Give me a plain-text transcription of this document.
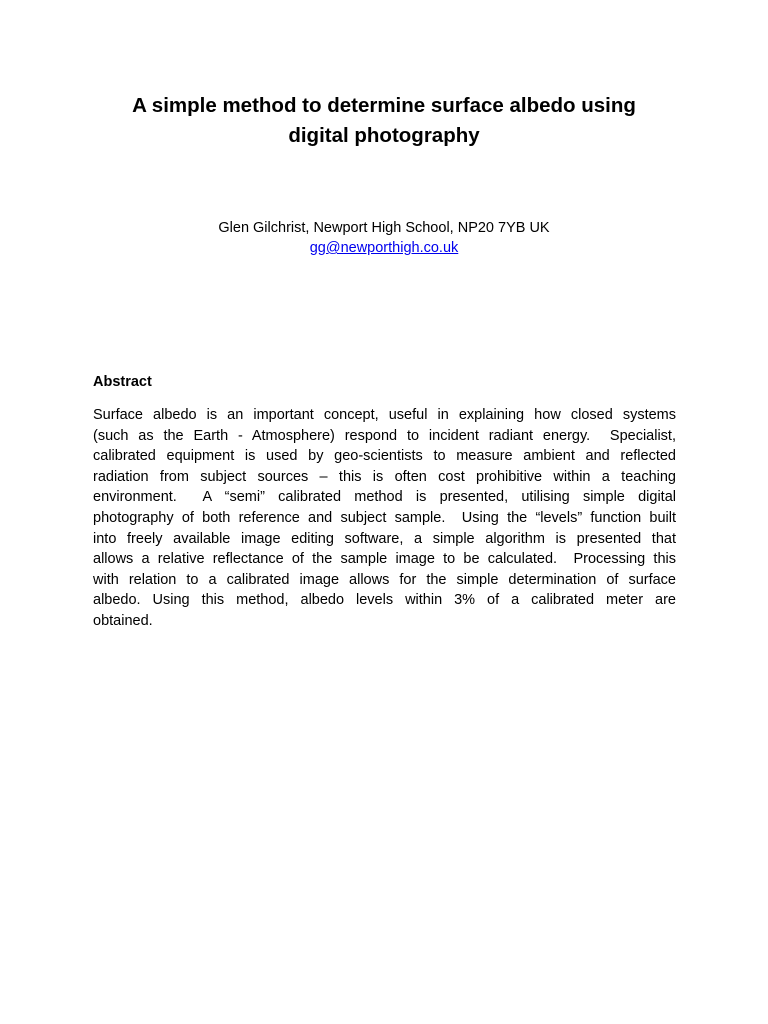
A simple method to determine surface albedo using
digital photography
Glen Gilchrist, Newport High School, NP20 7YB UK
gg@newporthigh.co.uk
Abstract
Surface albedo is an important concept, useful in explaining how closed systems
(such as the Earth - Atmosphere) respond to incident radiant energy.  Specialist,
calibrated equipment is used by geo-scientists to measure ambient and reflected
radiation from subject sources – this is often cost prohibitive within a teaching
environment.  A “semi” calibrated method is presented, utilising simple digital
photography of both reference and subject sample.  Using the “levels” function built
into freely available image editing software, a simple algorithm is presented that
allows a relative reflectance of the sample image to be calculated.  Processing this
with relation to a calibrated image allows for the simple determination of surface
albedo. Using this method, albedo levels within 3% of a calibrated meter are
obtained.
